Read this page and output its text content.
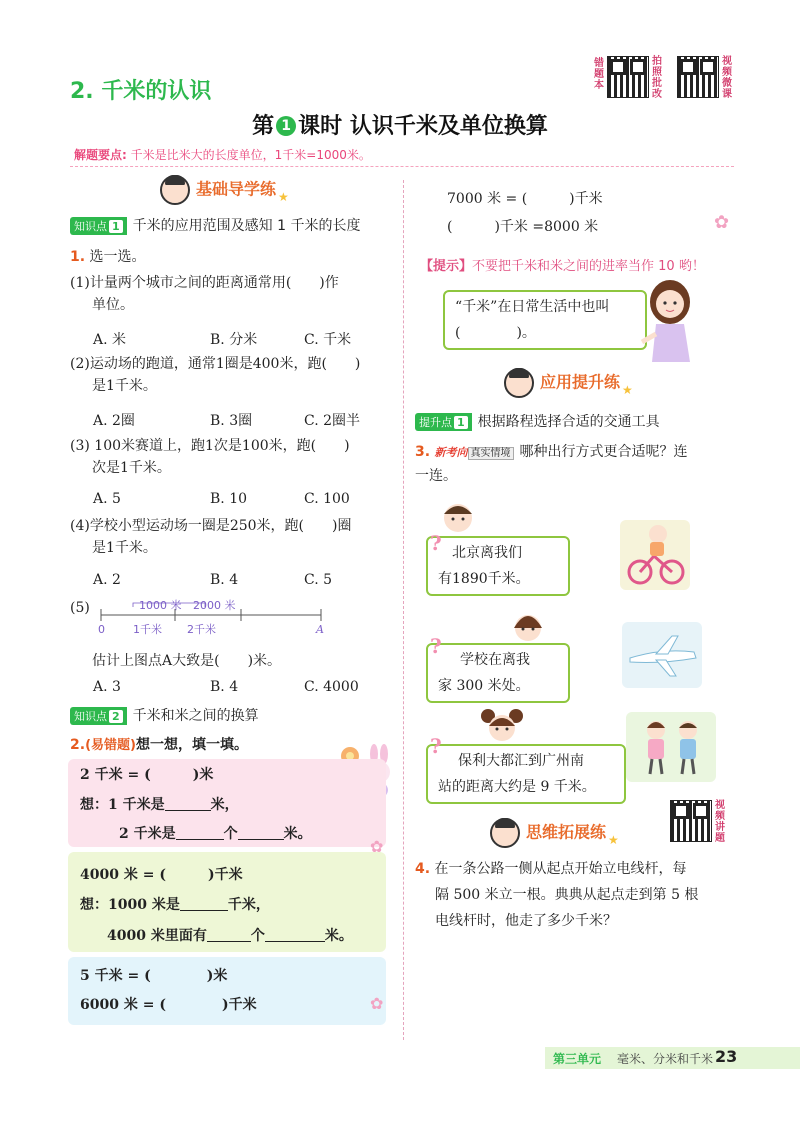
2. 千米的认识
错题本
拍照批改
视频微课
第 1 课时 认识千米及单位换算
解题要点: 千米是比米大的长度单位，1千米=1000米。
基础导学练 $_★$
知识点 1 千米的应用范围及感知 1 千米的长度
1. 选一选。
(1)计量两个城市之间的距离通常用(　　)作
单位。
A. 米	B. 分米	C. 千米
(2)运动场的跑道，通常1圈是400米，跑(　　)
是1千米。
A. 2圈	B. 3圈	C. 2圈半
(3) 100米赛道上，跑1次是100米，跑(　　)
次是1千米。
A. 5	B. 10	C. 100
(4)学校小型运动场一圈是250米，跑(　　)圈
是1千米。
A. 2	B. 4	C. 5
(5)	1000 米 2000 米
0	1千米 2千米	A
估计上图点A大致是(　　)米。
A. 3	B. 4	C. 4000
知识点 2 千米和米之间的换算
2.(易错题)想一想，填一填。
2 千米 = (　　　)米
想：1 千米是	米，
2 千米是	个	米。
4000 米 = (　　　)千米
想：1000 米是	千米，
4000 米里面有	个	米。
5 千米 = (　　　　)米
6000 米 = (　　　　)千米	✿
✿
7000 米 = (　　　)千米
(　　　)千米 =8000 米	✿
【提示】不要把千米和米之间的进率当作 10 哟！
“千米”在日常生活中也叫
(　　　　)。
应用提升练 $_★$
提升点 1 根据路程选择合适的交通工具
3. 新考向 真实情境 哪种出行方式更合适呢？连
一连。
北京离我们
有1890千米。
?
学校在离我
家 300 米处。
?
保利大都汇到广州南
站的距离大约是 9 千米。
?
视频讲题
思维拓展练 $_★$
4. 在一条公路一侧从起点开始立电线杆，每
隔 500 米立一根。典典从起点走到第 5 根
电线杆时，他走了多少千米？
第三单元 毫米、分米和千米 23
